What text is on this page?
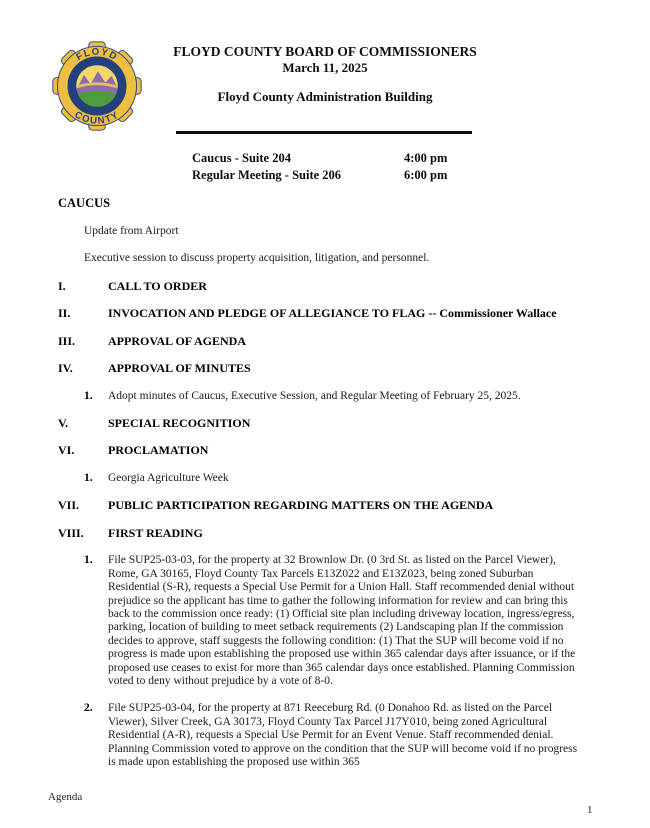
FLOYD
COUNTY
FLOYD COUNTY BOARD OF COMMISSIONERS
March 11, 2025
Floyd County Administration Building
Caucus - Suite 204	4:00 pm
Regular Meeting - Suite 206	6:00 pm
CAUCUS
Update from Airport
Executive session to discuss property acquisition, litigation, and personnel.
I.	CALL TO ORDER
II.	INVOCATION AND PLEDGE OF ALLEGIANCE TO FLAG -- Commissioner Wallace
III.	APPROVAL OF AGENDA
IV.	APPROVAL OF MINUTES
1.	Adopt minutes of Caucus, Executive Session, and Regular Meeting of February 25, 2025.
V.	SPECIAL RECOGNITION
VI.	PROCLAMATION
1.	Georgia Agriculture Week
VII.	PUBLIC PARTICIPATION REGARDING MATTERS ON THE AGENDA
VIII.	FIRST READING
1.	File SUP25-03-03, for the property at 32 Brownlow Dr. (0 3rd St. as listed on the Parcel Viewer), Rome, GA 30165, Floyd County Tax Parcels E13Z022 and E13Z023, being zoned Suburban Residential (S-R), requests a Special Use Permit for a Union Hall. Staff recommended denial without prejudice so the applicant has time to gather the following information for review and can bring this back to the commission once ready: (1) Official site plan including driveway location, ingress/egress, parking, location of building to meet setback requirements (2) Landscaping plan If the commission decides to approve, staff suggests the following condition: (1) That the SUP will become void if no progress is made upon establishing the proposed use within 365 calendar days after issuance, or if the proposed use ceases to exist for more than 365 calendar days once established. Planning Commission voted to deny without prejudice by a vote of 8-0.
2.	File SUP25-03-04, for the property at 871 Reeceburg Rd. (0 Donahoo Rd. as listed on the Parcel Viewer), Silver Creek, GA 30173, Floyd County Tax Parcel J17Y010, being zoned Agricultural Residential (A-R), requests a Special Use Permit for an Event Venue. Staff recommended denial. Planning Commission voted to approve on the condition that the SUP will become void if no progress is made upon establishing the proposed use within 365
Agenda
1
